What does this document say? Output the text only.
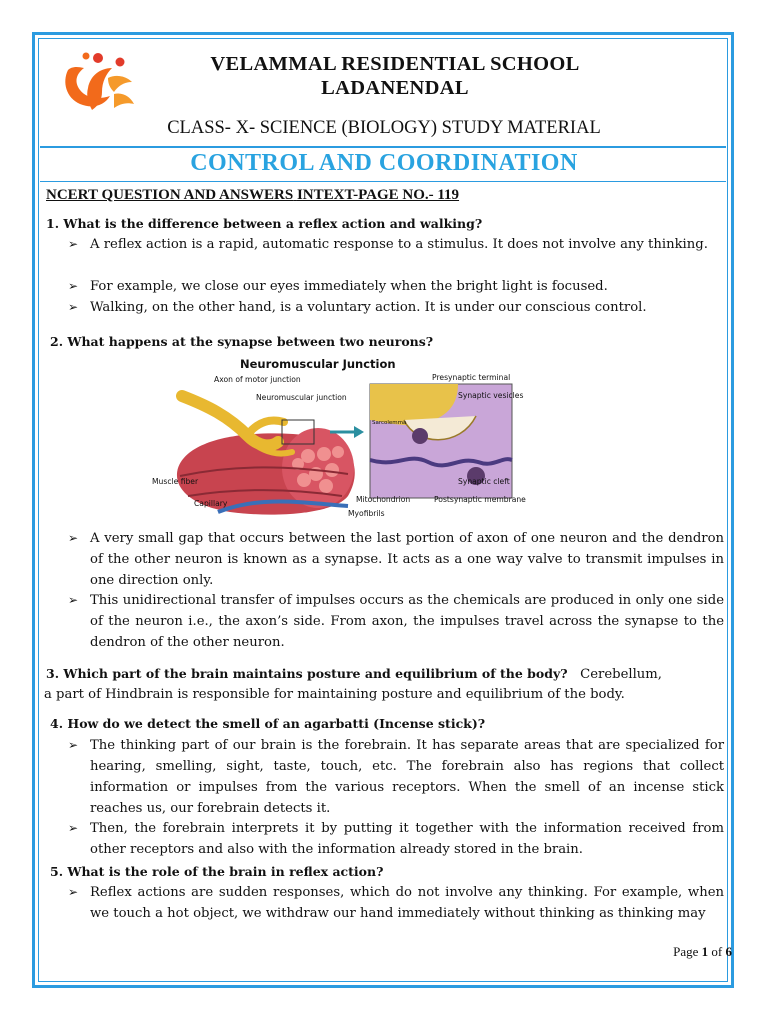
VELAMMAL RESIDENTIAL SCHOOL
LADANENDAL
CLASS- X- SCIENCE (BIOLOGY) STUDY MATERIAL
CONTROL AND COORDINATION
NCERT QUESTION AND ANSWERS INTEXT-PAGE NO.- 119
1. What is the difference between a reflex action and walking?
➢ A reflex action is a rapid, automatic response to a stimulus. It does not involve any thinking.
➢ For example, we close our eyes immediately when the bright light is focused.
➢ Walking, on the other hand, is a voluntary action. It is under our conscious control.
2. What happens at the synapse between two neurons?
Neuromuscular Junction
Axon of motor junction
Neuromuscular junction
Muscle fiber
Capillary
Myofibrils
Mitochondrion
Presynaptic terminal
Synaptic vesicles
Synaptic cleft
Postsynaptic membrane
Sarcolemma
➢ A very small gap that occurs between the last portion of axon of one neuron and the dendron of the other neuron is known as a synapse. It acts as a one way valve to transmit impulses in one direction only.
➢ This unidirectional transfer of impulses occurs as the chemicals are produced in only one side of the neuron i.e., the axon’s side. From axon, the impulses travel across the synapse to the dendron of the other neuron.
3. Which part of the brain maintains posture and equilibrium of the body? Cerebellum,
a part of Hindbrain is responsible for maintaining posture and equilibrium of the body.
4. How do we detect the smell of an agarbatti (Incense stick)?
➢ The thinking part of our brain is the forebrain. It has separate areas that are specialized for hearing, smelling, sight, taste, touch, etc. The forebrain also has regions that collect information or impulses from the various receptors. When the smell of an incense stick reaches us, our forebrain detects it.
➢ Then, the forebrain interprets it by putting it together with the information received from other receptors and also with the information already stored in the brain.
5. What is the role of the brain in reflex action?
➢ Reflex actions are sudden responses, which do not involve any thinking. For example, when we touch a hot object, we withdraw our hand immediately without thinking as thinking may
Page 1 of 6
